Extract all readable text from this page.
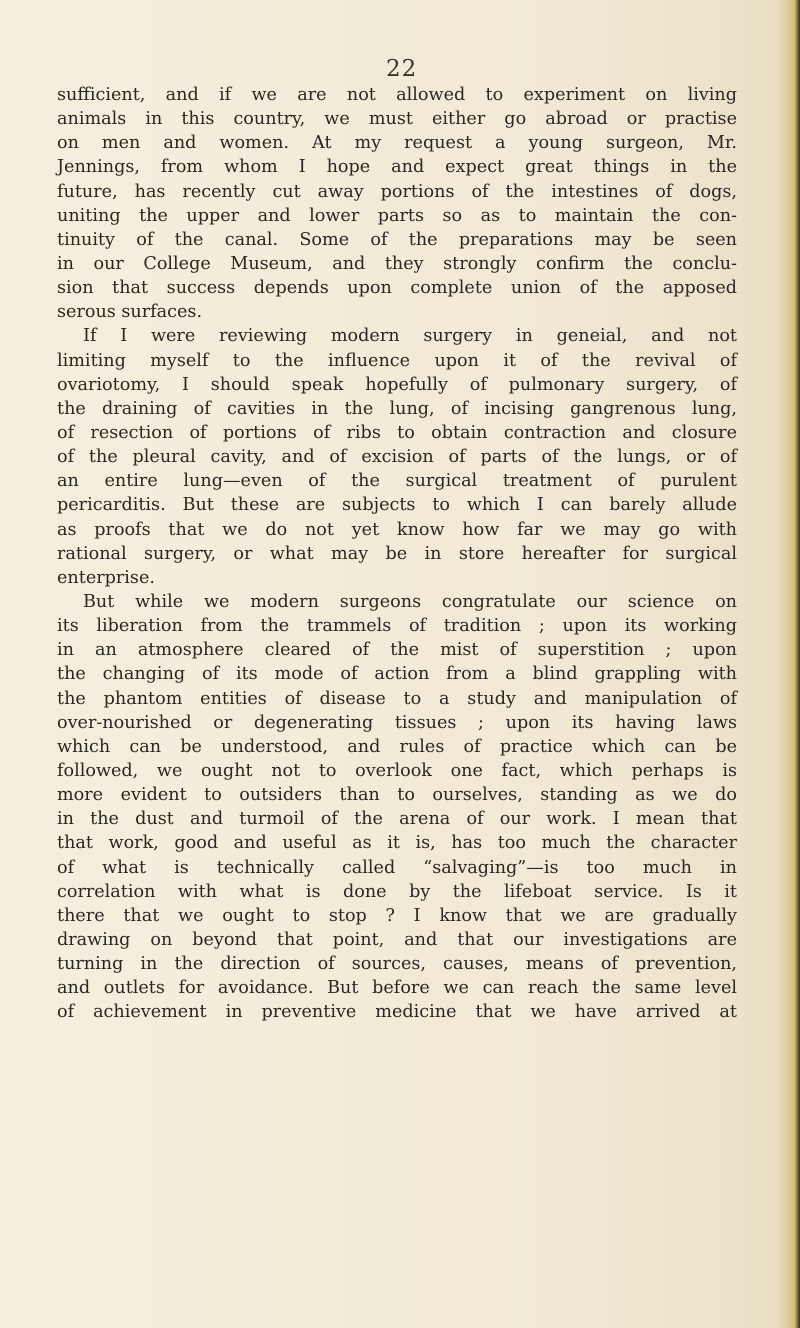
22
sufficient, and if we are not allowed to experiment on living
animals in this country, we must either go abroad or practise
on men and women. At my request a young surgeon, Mr.
Jennings, from whom I hope and expect great things in the
future, has recently cut away portions of the intestines of dogs,
uniting the upper and lower parts so as to maintain the con-
tinuity of the canal. Some of the preparations may be seen
in our College Museum, and they strongly confirm the conclu-
sion that success depends upon complete union of the apposed
serous surfaces.
If I were reviewing modern surgery in geneial, and not
limiting myself to the influence upon it of the revival of
ovariotomy, I should speak hopefully of pulmonary surgery, of
the draining of cavities in the lung, of incising gangrenous lung,
of resection of portions of ribs to obtain contraction and closure
of the pleural cavity, and of excision of parts of the lungs, or of
an entire lung—even of the surgical treatment of purulent
pericarditis. But these are subjects to which I can barely allude
as proofs that we do not yet know how far we may go with
rational surgery, or what may be in store hereafter for surgical
enterprise.
But while we modern surgeons congratulate our science on
its liberation from the trammels of tradition ; upon its working
in an atmosphere cleared of the mist of superstition ; upon
the changing of its mode of action from a blind grappling with
the phantom entities of disease to a study and manipulation of
over-nourished or degenerating tissues ; upon its having laws
which can be understood, and rules of practice which can be
followed, we ought not to overlook one fact, which perhaps is
more evident to outsiders than to ourselves, standing as we do
in the dust and turmoil of the arena of our work. I mean that
that work, good and useful as it is, has too much the character
of what is technically called “salvaging”—is too much in
correlation with what is done by the lifeboat service. Is it
there that we ought to stop ? I know that we are gradually
drawing on beyond that point, and that our investigations are
turning in the direction of sources, causes, means of prevention,
and outlets for avoidance. But before we can reach the same level
of achievement in preventive medicine that we have arrived at
